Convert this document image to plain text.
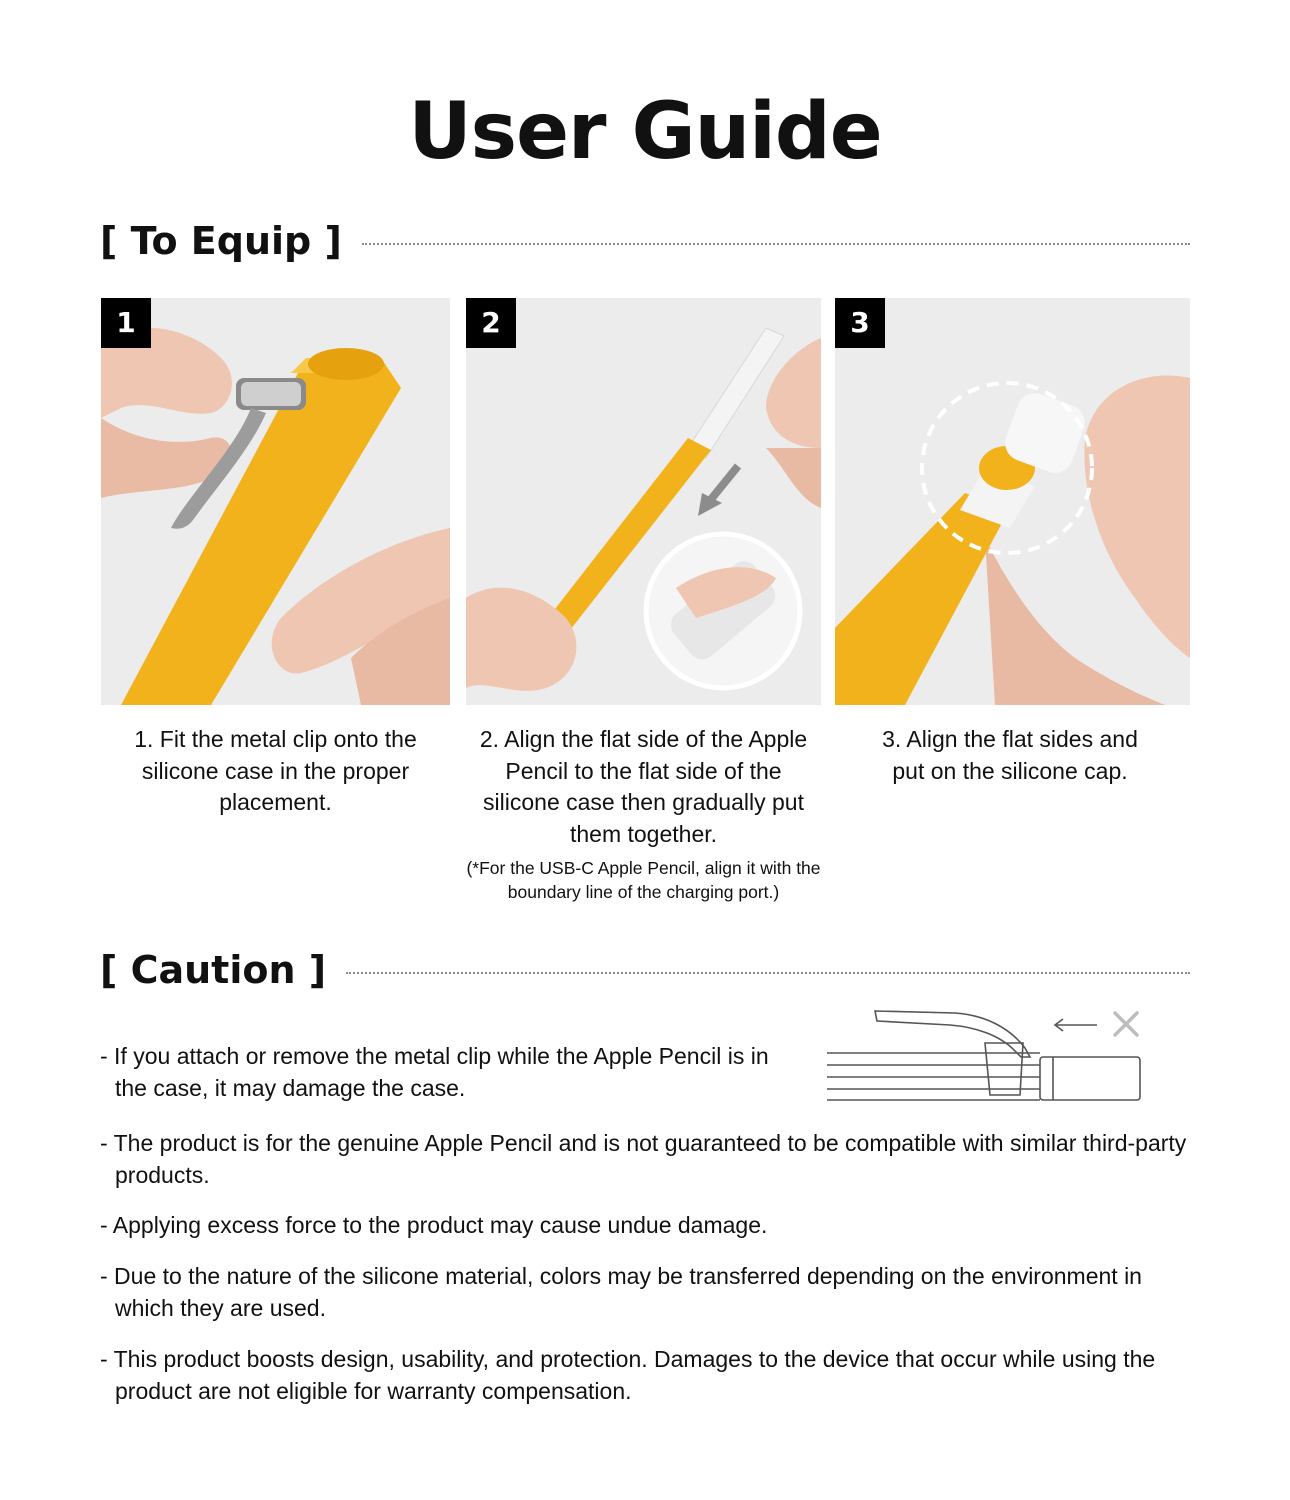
User Guide
[ To Equip ]
1	2	3

1. Fit the metal clip onto the silicone case in the proper placement.

2. Align the flat side of the Apple Pencil to the flat side of the silicone case then gradually put them together.

(*For the USB-C Apple Pencil, align it with the boundary line of the charging port.)

3. Align the flat sides and put on the silicone cap.

[ Caution ]

- If you attach or remove the metal clip while the Apple Pencil is in the case, it may damage the case.

- The product is for the genuine Apple Pencil and is not guaranteed to be compatible with similar third-party products.

- Applying excess force to the product may cause undue damage.

- Due to the nature of the silicone material, colors may be transferred depending on the environment in which they are used.

- This product boosts design, usability, and protection. Damages to the device that occur while using the product are not eligible for warranty compensation.
